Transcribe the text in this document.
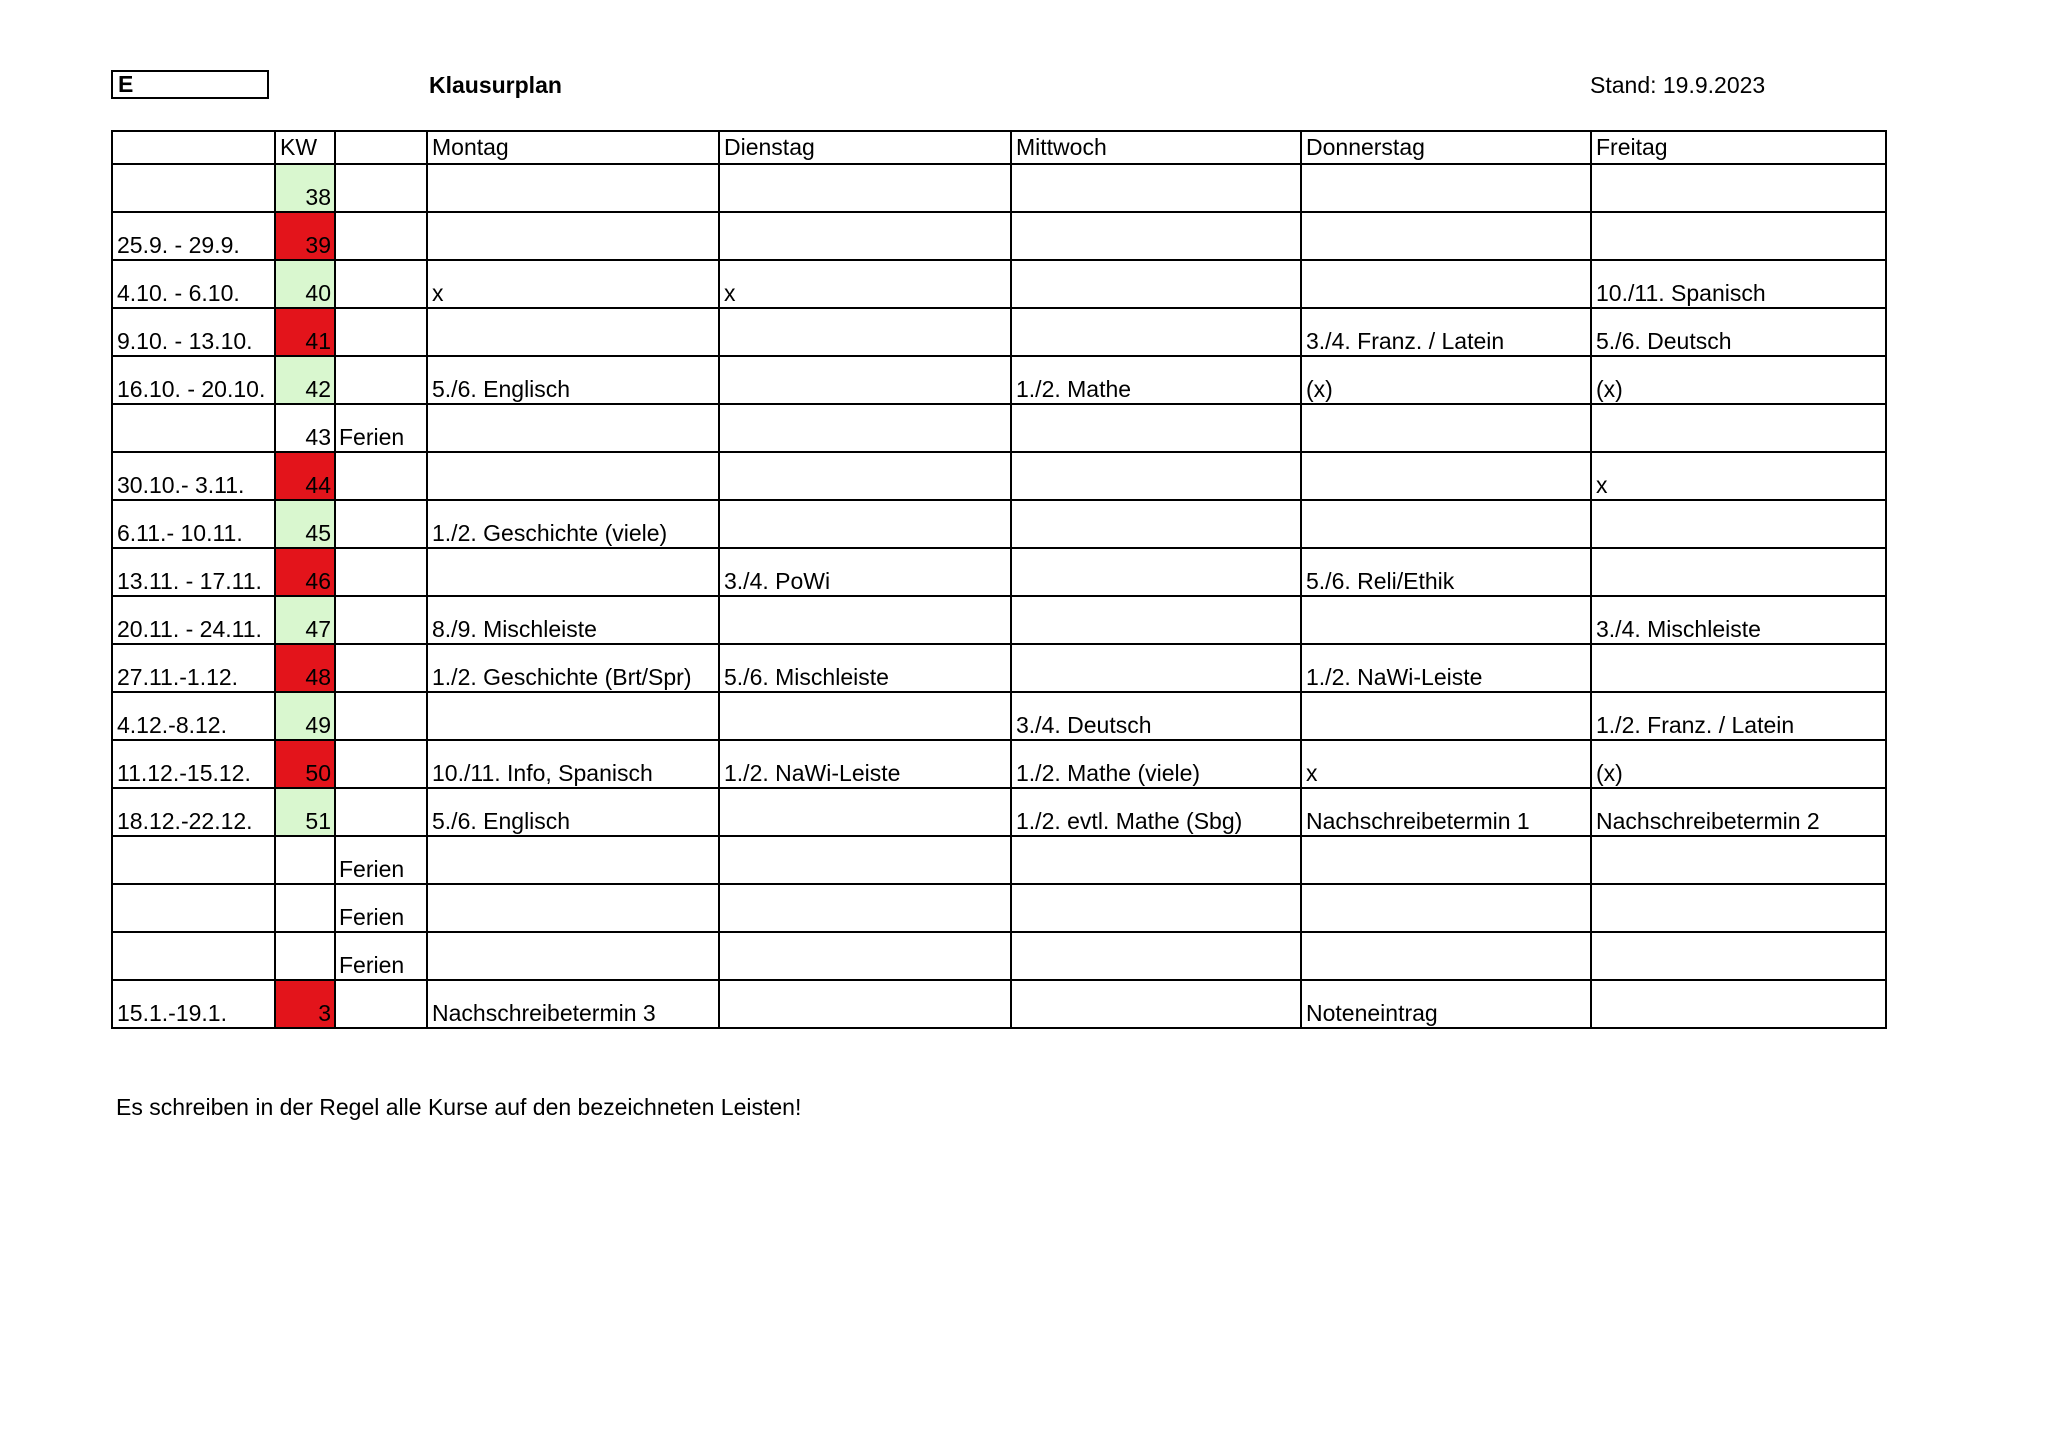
E	Klausurplan	Stand: 19.9.2023
	KW		Montag	Dienstag	Mittwoch	Donnerstag	Freitag
	38						
25.9. - 29.9.	39						
4.10. - 6.10.	40		x	x			10./11. Spanisch
9.10. - 13.10.	41					3./4. Franz. / Latein	5./6. Deutsch
16.10. - 20.10.	42		5./6. Englisch		1./2. Mathe	(x)	(x)
	43	Ferien					
30.10.- 3.11.	44						x
6.11.- 10.11.	45		1./2. Geschichte (viele)				
13.11. - 17.11.	46			3./4. PoWi		5./6. Reli/Ethik	
20.11. - 24.11.	47		8./9. Mischleiste				3./4. Mischleiste
27.11.-1.12.	48		1./2. Geschichte (Brt/Spr)	5./6. Mischleiste		1./2. NaWi-Leiste	
4.12.-8.12.	49				3./4. Deutsch		1./2. Franz. / Latein
11.12.-15.12.	50		10./11. Info, Spanisch	1./2. NaWi-Leiste	1./2. Mathe (viele)	x	(x)
18.12.-22.12.	51		5./6. Englisch		1./2. evtl. Mathe (Sbg)	Nachschreibetermin 1	Nachschreibetermin 2
		Ferien					
		Ferien					
		Ferien					
15.1.-19.1.	3		Nachschreibetermin 3			Noteneintrag	
Es schreiben in der Regel alle Kurse auf den bezeichneten Leisten!
